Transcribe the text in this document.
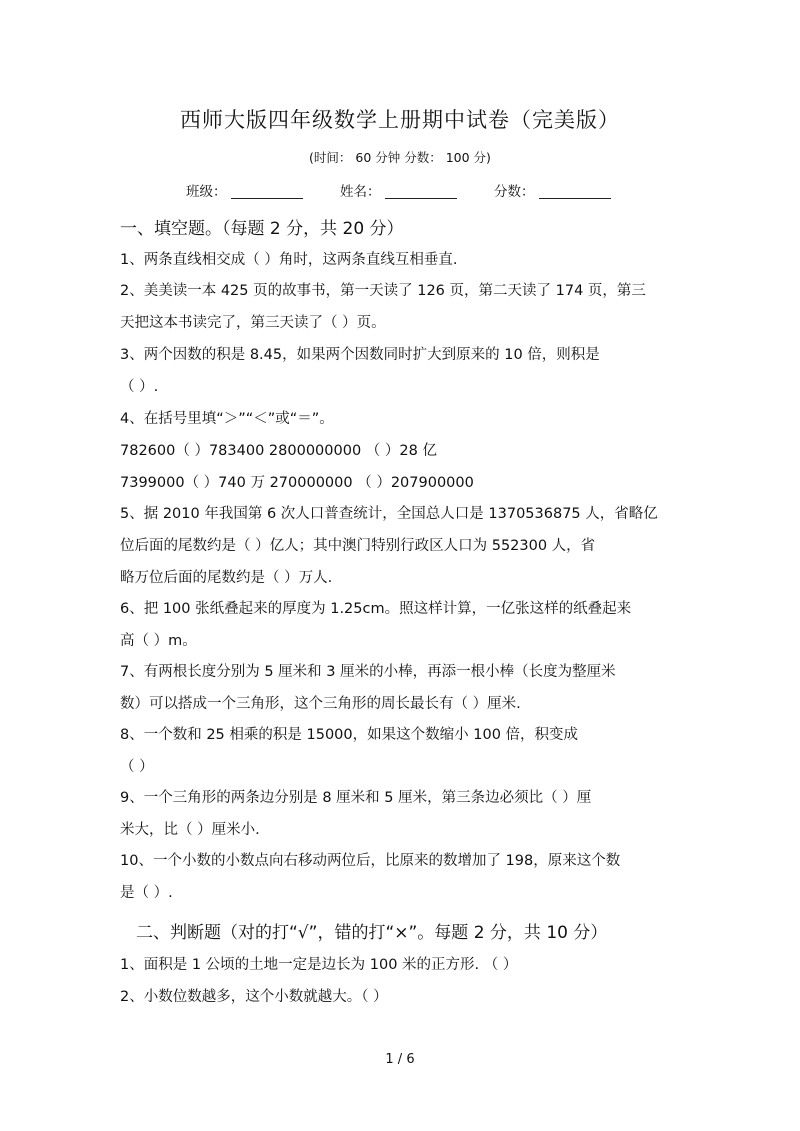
西师大版四年级数学上册期中试卷（完美版）
(时间： 60 分钟 分数： 100 分)
班级：	姓名：	分数：
一、填空题。（每题 2 分，共 20 分）
1、两条直线相交成（ ）角时，这两条直线互相垂直.
2、美美读一本 425 页的故事书，第一天读了 126 页，第二天读了 174 页，第三
天把这本书读完了，第三天读了（ ）页。
3、两个因数的积是 8.45，如果两个因数同时扩大到原来的 10 倍，则积是
（ ）.
4、在括号里填“＞”“＜”或“＝”。
782600（ ）783400 2800000000 （ ）28 亿
7399000（ ）740 万 270000000 （ ）207900000
5、据 2010 年我国第 6 次人口普查统计，全国总人口是 1370536875 人，省略亿
位后面的尾数约是（ ）亿人；其中澳门特别行政区人口为 552300 人，省
略万位后面的尾数约是（ ）万人.
6、把 100 张纸叠起来的厚度为 1.25cm。照这样计算，一亿张这样的纸叠起来
高（ ）m。
7、有两根长度分别为 5 厘米和 3 厘米的小棒，再添一根小棒（长度为整厘米
数）可以搭成一个三角形，这个三角形的周长最长有（ ）厘米.
8、一个数和 25 相乘的积是 15000，如果这个数缩小 100 倍，积变成
（ ）
9、一个三角形的两条边分别是 8 厘米和 5 厘米，第三条边必须比（ ）厘
米大，比（ ）厘米小.
10、一个小数的小数点向右移动两位后，比原来的数增加了 198，原来这个数
是（ ）.
二、判断题（对的打“√”，错的打“×”。每题 2 分，共 10 分）
1、面积是 1 公顷的土地一定是边长为 100 米的正方形. （ ）
2、小数位数越多，这个小数就越大。（ ）
1 / 6
